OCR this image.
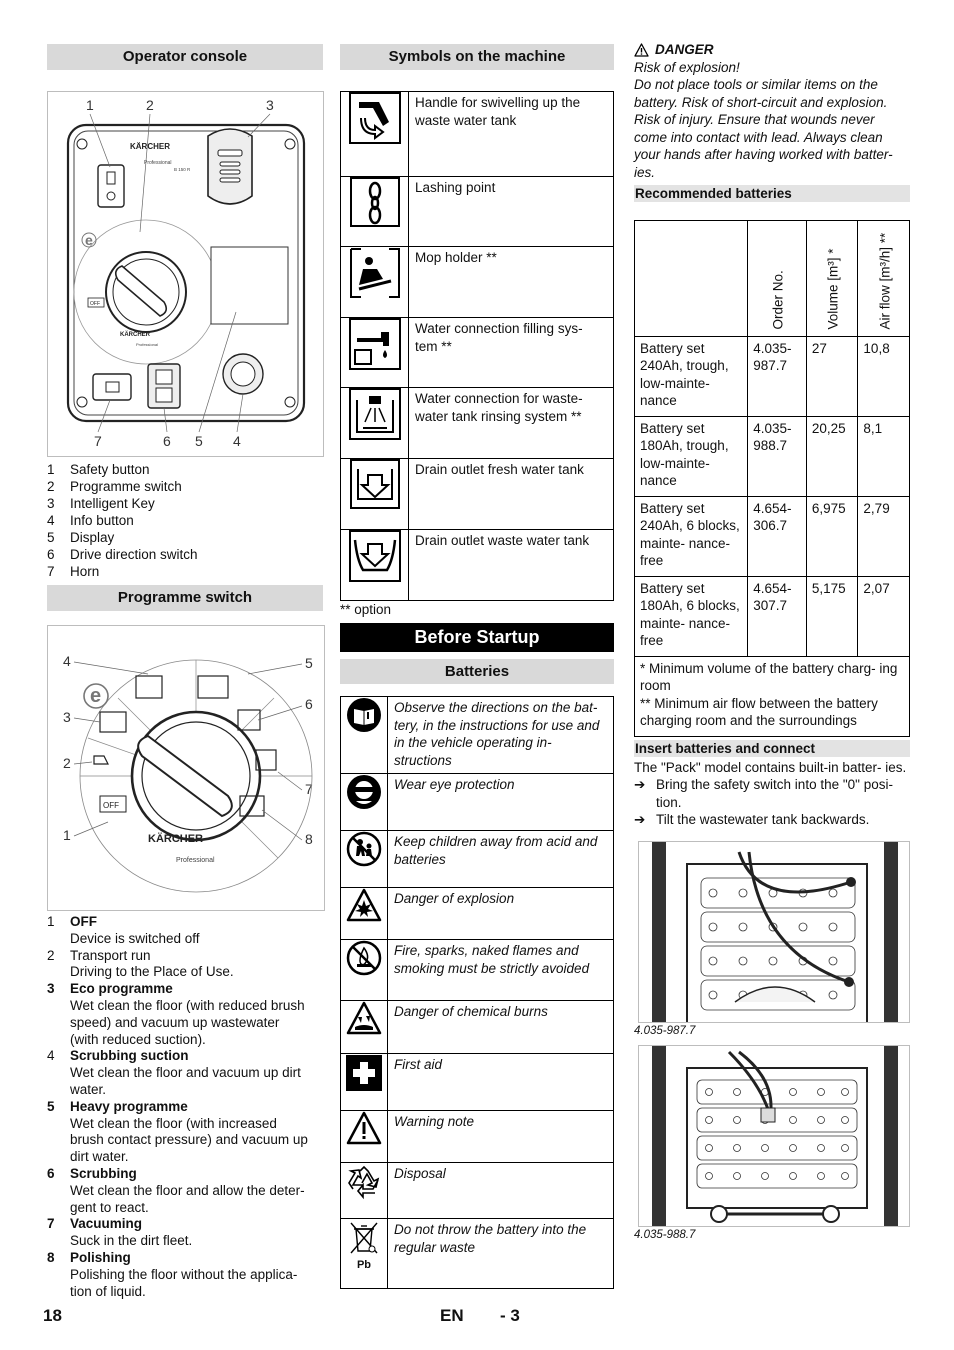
Operator console
1	2	3
7	6 5 4
KÄRCHER
Professional
B 150 R
e
OFF
KÄRCHER
Professional
1	Safety button
2	Programme switch
3	Intelligent Key
4	Info button
5	Display
6	Drive direction switch
7	Horn
Programme switch
4
3
2
1
5
6
7
8
e
OFF
KÄRCHER
Professional
1	OFF
Device is switched off
2	Transport run
Driving to the Place of Use.
3	Eco programme
Wet clean the floor (with reduced brush
speed) and vacuum up wastewater
(with reduced suction).
4	Scrubbing suction
Wet clean the floor and vacuum up dirt
water.
5	Heavy programme
Wet clean the floor (with increased
brush contact pressure) and vacuum up
dirt water.
6	Scrubbing
Wet clean the floor and allow the deter-
gent to react.
7	Vacuuming
Suck in the dirt fleet.
8	Polishing
Polishing the floor without the applica-
tion of liquid.
Symbols on the machine
	Handle for swivelling up the waste water tank

	Lashing point

	Mop holder **

	Water connection filling sys- tem **

	Water connection for waste- water tank rinsing system **

	Drain outlet fresh water tank

	Drain outlet waste water tank
** option
Before Startup
Batteries
	Observe the directions on the bat- tery, in the instructions for use and in the vehicle operating in- structions

	Wear eye protection

	Keep children away from acid and batteries

	Danger of explosion

	Fire, sparks, naked flames and smoking must be strictly avoided

	Danger of chemical burns

	First aid

	Warning note

	Disposal

Pb	Do not throw the battery into the regular waste
DANGER
Risk of explosion!
Do not place tools or similar items on the
battery. Risk of short-circuit and explosion.
Risk of injury. Ensure that wounds never
come into contact with lead. Always clean
your hands after having worked with batter-
ies.
Recommended batteries

	Order No.	Volume [m³] *	Air flow [m³/h] **

Battery set 240Ah, trough, low-mainte- nance	4.035- 987.7	27	10,8
Battery set 180Ah, trough, low-mainte- nance	4.035- 988.7	20,25	8,1
Battery set 240Ah, 6 blocks, mainte- nance-free	4.654- 306.7	6,975	2,79
Battery set 180Ah, 6 blocks, mainte- nance-free	4.654- 307.7	5,175	2,07

* Minimum volume of the battery charg- ing room
** Minimum air flow between the battery charging room and the surroundings			
Insert batteries and connect
The "Pack" model contains built-in batter- ies.
➔ Bring the safety switch into the "0" posi- tion.
➔ Tilt the wastewater tank backwards.
4.035-987.7
4.035-988.7
18	EN - 3
